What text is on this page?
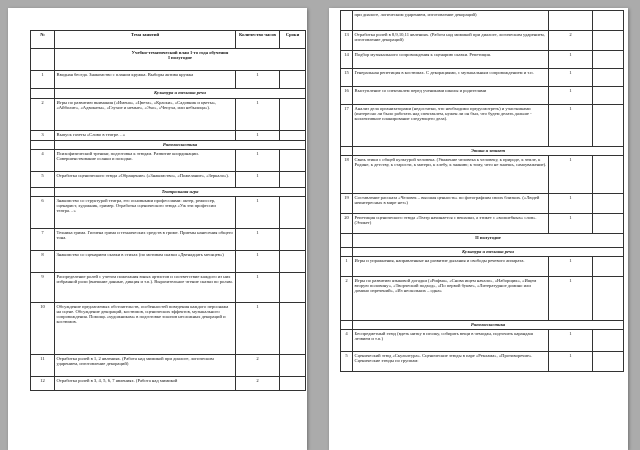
№	Тема занятий	Количество часов	Сроки
	Учебно-тематический план 1-го года обучения
I полугодие		
1	Вводная беседа. Знакомство с планом кружка. Выборы актива кружка	1	
	Культура и техника речи		
2	Игры по развитию внимания («Имена», «Цвета», «Краски», «Садовник и цветы», «Айболит», «Адвокаты», «Глухие и немые», «Эхо», «Чепуха, или небылица»).	1	
3	Выпуск газеты «Слово в театре…»	1	
	Ритмопластика		
4	Психофизический тренинг, подготовка к этюдам. Развитие координации. Совершенствование осанки и походки.	1	
5	Отработка сценического этюда «Обращение» («Знакомство», «Пожелание», «Зеркало»).	1	
	Театральная игра		
6	Знакомство со структурой театра, его основными профессиями: актер, режиссер, сценарист, художник, гример. Отработка сценического этюда «Уж эти профессии театра…»	1	
7	Техника грима. Гигиена грима и технических средств в гриме. Приемы нанесения общего тона.	1	
8	Знакомство со сценарием сказки в стихах (по мотивам сказки «Двенадцать месяцев»)	1	
9	Распределение ролей с учетом пожелания юных артистов и соответствие каждого из них избранной роли (внешние данные, дикция и т.п.). Выразительное чтение сказки по ролям.	1	
10	Обсуждение предлагаемых обстоятельств, особенностей поведения каждого персонажа на сцене. Обсуждение декораций, костюмов, сценических эффектов, музыкального сопровождения. Помощь «художникам» в подготовке эскизов несложных декораций и костюмов.	1	
11	Отработка ролей в 1, 2 явлениях. (Работа над мимикой при диалоге, логическим ударением, изготовление декораций)	2	
12	Отработка ролей в 3, 4, 5, 6, 7 явлениях. (Работа над мимикой	2	
	при диалоге, логическим ударением, изготовление декораций)		
13	Отработка ролей в 8,9,10,11 явлениях. (Работа над мимикой при диалоге, логическим ударением, изготовление декораций)	2	
14	Подбор музыкального сопровождения к сценарию сказки. Репетиция.	1	
15	Генеральная репетиция в костюмах. С декорациями, с музыкальным сопровождением и т.п.	1	
16	Выступление со спектаклем перед учениками школы и родителями	1	
17	Анализ дела организаторами (недостатки, что необходимо предусмотреть) и участниками (интересно ли было работать над спектаклем, нужен ли он был, что будем делать дальше - коллективное планирование следующего дела).	1	
	Этика и этикет		
18	Связь этики с общей культурой человека. (Уважение человека к человеку, к природе, к земле, к Родине, к детству, к старости, к матери, к хлебу, к знанию; к тому, чего не знаешь, самоуважение).	1	
19	Составление рассказа «Человек – высшая ценность» по фотографиям своих близких. («Людей неинтересных в мире нет»)	1	
20	Репетиция сценического этюда «Театр начинается с вешалки, а этикет с «волшебных» слов». (Этикет)	1	
	II полугодие		
	Культура и техника речи		
1	Игры и упражнения, направленные на развитие дыхания и свободы речевого аппарата.	1	
2	Игры по развитию языковой догадки («Рифма», «Снова ищем начало», «Наборщик», «Ищем вторую половину», «Творческий подход», «По первой букве», «Литературное домино или домино изречений», «Из нескольких – одна»	1	
	Ритмопластика		
4	Беспредметный этюд (вдеть нитку в иголку, собирать вещи в чемодан, подточить карандаш лезвием и т.п.)	1	
5	Сценический этюд «Скульптура». Сценические этюды в паре «Реклама», «Противоречие». Сценические этюды по группам:	1	
